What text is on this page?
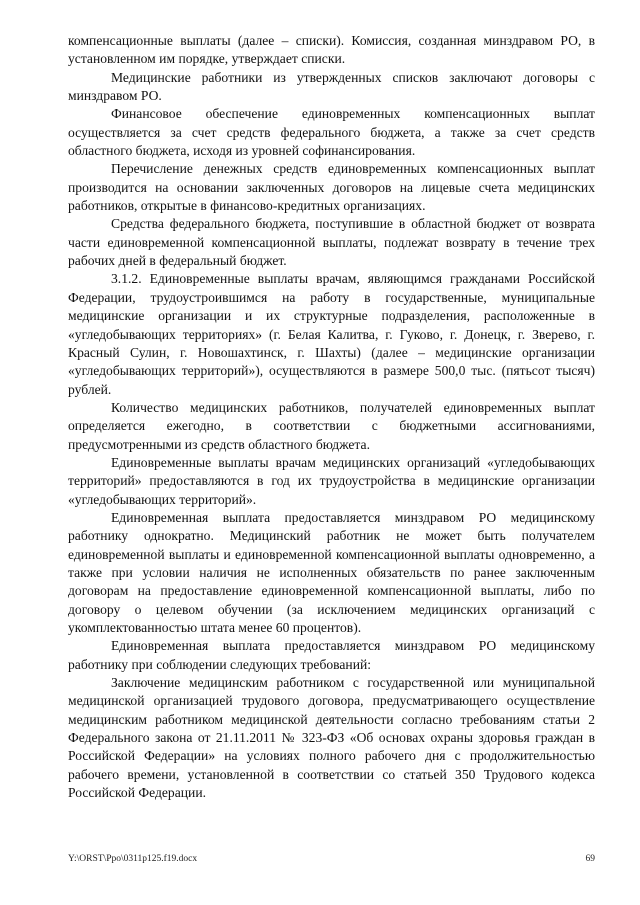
компенсационные выплаты (далее – списки). Комиссия, созданная минздравом РО, в установленном им порядке, утверждает списки.

Медицинские работники из утвержденных списков заключают договоры с минздравом РО.

Финансовое обеспечение единовременных компенсационных выплат осуществляется за счет средств федерального бюджета, а также за счет средств областного бюджета, исходя из уровней софинансирования.

Перечисление денежных средств единовременных компенсационных выплат производится на основании заключенных договоров на лицевые счета медицинских работников, открытые в финансово-кредитных организациях.

Средства федерального бюджета, поступившие в областной бюджет от возврата части единовременной компенсационной выплаты, подлежат возврату в течение трех рабочих дней в федеральный бюджет.

3.1.2. Единовременные выплаты врачам, являющимся гражданами Российской Федерации, трудоустроившимся на работу в государственные, муниципальные медицинские организации и их структурные подразделения, расположенные в «угледобывающих территориях» (г. Белая Калитва, г. Гуково, г. Донецк, г. Зверево, г. Красный Сулин, г. Новошахтинск, г. Шахты) (далее – медицинские организации «угледобывающих территорий»), осуществляются в размере 500,0 тыс. (пятьсот тысяч) рублей.

Количество медицинских работников, получателей единовременных выплат определяется ежегодно, в соответствии с бюджетными ассигнованиями, предусмотренными из средств областного бюджета.

Единовременные выплаты врачам медицинских организаций «угледобывающих территорий» предоставляются в год их трудоустройства в медицинские организации «угледобывающих территорий».

Единовременная выплата предоставляется минздравом РО медицинскому работнику однократно. Медицинский работник не может быть получателем единовременной выплаты и единовременной компенсационной выплаты одновременно, а также при условии наличия не исполненных обязательств по ранее заключенным договорам на предоставление единовременной компенсационной выплаты, либо по договору о целевом обучении (за исключением медицинских организаций с укомплектованностью штата менее 60 процентов).

Единовременная выплата предоставляется минздравом РО медицинскому работнику при соблюдении следующих требований:

Заключение медицинским работником с государственной или муниципальной медицинской организацией трудового договора, предусматривающего осуществление медицинским работником медицинской деятельности согласно требованиям статьи 2 Федерального закона от 21.11.2011 № 323-ФЗ «Об основах охраны здоровья граждан в Российской Федерации» на условиях полного рабочего дня с продолжительностью рабочего времени, установленной в соответствии со статьей 350 Трудового кодекса Российской Федерации.

Y:\ORST\Ppo\0311p125.f19.docx	69
